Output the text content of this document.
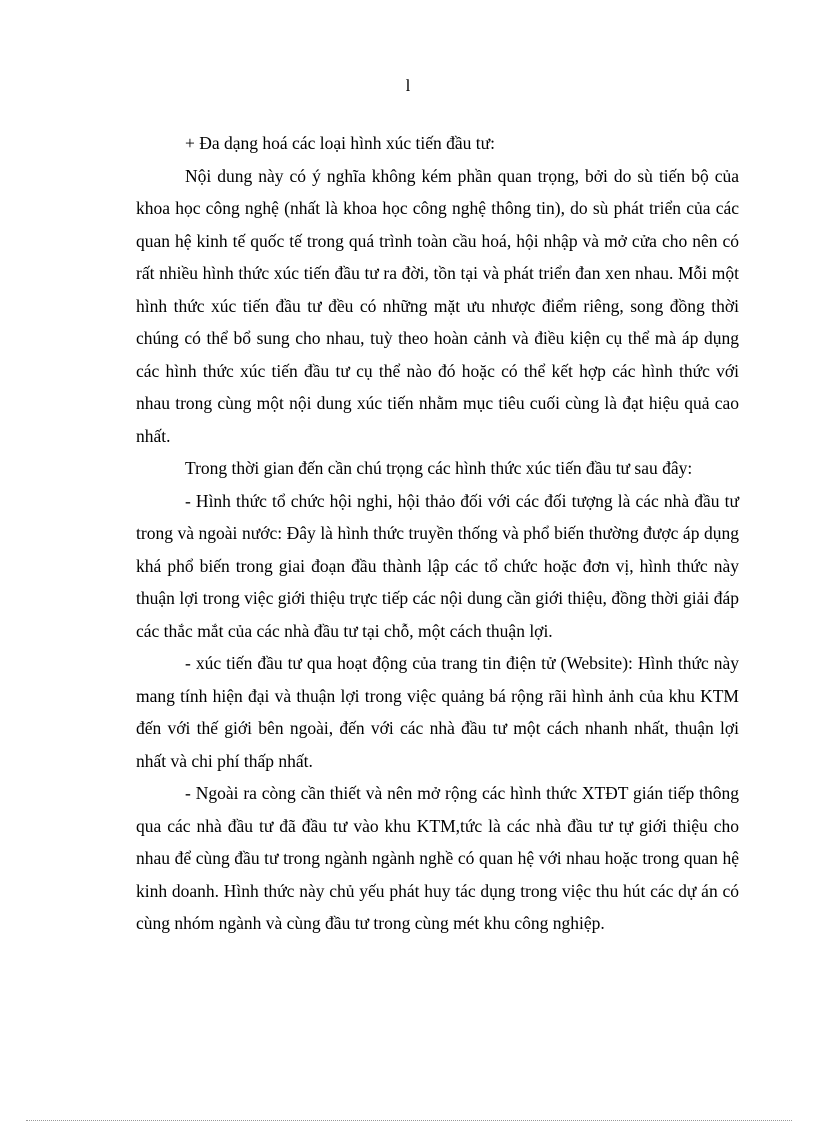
l

+ Đa dạng hoá các loại hình xúc tiến đầu tư:

Nội dung này có ý nghĩa không kém phần quan trọng, bởi do sù tiến bộ của khoa học công nghệ (nhất là khoa học công nghệ thông tin), do sù phát triển của các quan hệ kinh tế quốc tế trong quá trình toàn cầu hoá, hội nhập và mở cửa cho nên có rất nhiều hình thức xúc tiến đầu tư ra đời, tồn tại và phát triển đan xen nhau. Mỗi một hình thức xúc tiến đầu tư đều có những mặt ưu nhược điểm riêng, song đồng thời chúng có thể bổ sung cho nhau, tuỳ theo hoàn cảnh và điều kiện cụ thể mà áp dụng các hình thức xúc tiến đầu tư cụ thể nào đó hoặc có thể kết hợp các hình thức với nhau trong cùng một nội dung xúc tiến nhằm mục tiêu cuối cùng là đạt hiệu quả cao nhất.

Trong thời gian đến cần chú trọng các hình thức xúc tiến đầu tư sau đây:

- Hình thức tổ chức hội nghi, hội thảo đối với các đối tượng là các nhà đầu tư trong và ngoài nước: Đây là hình thức truyền thống và phổ biến thường được áp dụng khá phổ biến trong giai đoạn đầu thành lập các tổ chức hoặc đơn vị, hình thức này thuận lợi trong việc giới thiệu trực tiếp các nội dung cần giới thiệu, đồng thời giải đáp các thắc mắt của các nhà đầu tư tại chỗ, một cách thuận lợi.

- xúc tiến đầu tư qua hoạt động của trang tin điện tử (Website): Hình thức này mang tính hiện đại và thuận lợi trong việc quảng bá rộng rãi hình ảnh của khu KTM đến với thế giới bên ngoài, đến với các nhà đầu tư một cách nhanh nhất, thuận lợi nhất và chi phí thấp nhất.

- Ngoài ra còng cần thiết và nên mở rộng các hình thức XTĐT gián tiếp thông qua các nhà đầu tư đã đầu tư vào khu KTM,tức là các nhà đầu tư tự giới thiệu cho nhau để cùng đầu tư trong ngành ngành nghề có quan hệ với nhau hoặc trong quan hệ kinh doanh. Hình thức này chủ yếu phát huy tác dụng trong việc thu hút các dự án có cùng nhóm ngành và cùng đầu tư trong cùng mét khu công nghiệp.
